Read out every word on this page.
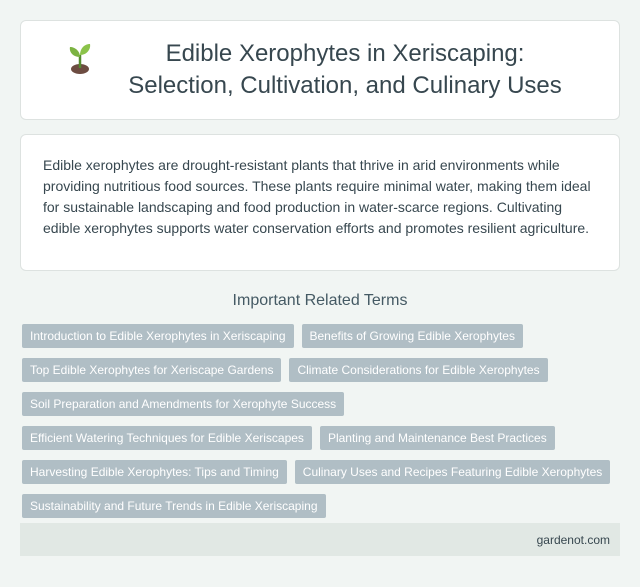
Edible Xerophytes in Xeriscaping: Selection, Cultivation, and Culinary Uses

Edible xerophytes are drought-resistant plants that thrive in arid environments while providing nutritious food sources. These plants require minimal water, making them ideal for sustainable landscaping and food production in water-scarce regions. Cultivating edible xerophytes supports water conservation efforts and promotes resilient agriculture.

Important Related Terms
Introduction to Edible Xerophytes in Xeriscaping	Benefits of Growing Edible Xerophytes
Top Edible Xerophytes for Xeriscape Gardens	Climate Considerations for Edible Xerophytes
Soil Preparation and Amendments for Xerophyte Success
Efficient Watering Techniques for Edible Xeriscapes	Planting and Maintenance Best Practices
Harvesting Edible Xerophytes: Tips and Timing	Culinary Uses and Recipes Featuring Edible Xerophytes
Sustainability and Future Trends in Edible Xeriscaping
gardenot.com
